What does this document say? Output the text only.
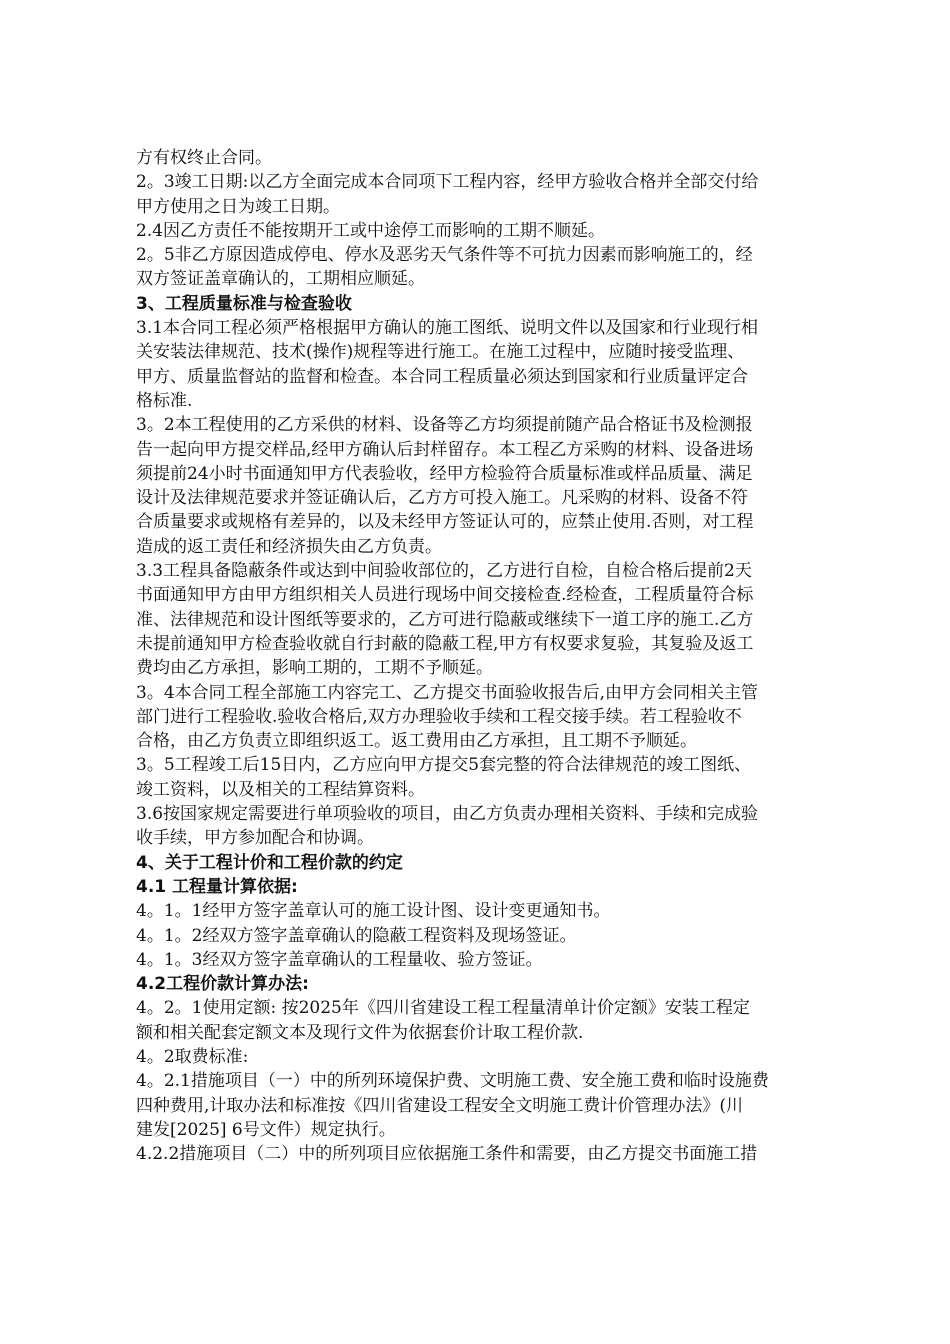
方有权终止合同。
2。3竣工日期:以乙方全面完成本合同项下工程内容，经甲方验收合格并全部交付给
甲方使用之日为竣工日期。
2.4因乙方责任不能按期开工或中途停工而影响的工期不顺延。
2。5非乙方原因造成停电、停水及恶劣天气条件等不可抗力因素而影响施工的，经
双方签证盖章确认的，工期相应顺延。
3、工程质量标准与检查验收
3.1本合同工程必须严格根据甲方确认的施工图纸、说明文件以及国家和行业现行相
关安装法律规范、技术(操作)规程等进行施工。在施工过程中，应随时接受监理、
甲方、质量监督站的监督和检查。本合同工程质量必须达到国家和行业质量评定合
格标准.
3。2本工程使用的乙方采供的材料、设备等乙方均须提前随产品合格证书及检测报
告一起向甲方提交样品,经甲方确认后封样留存。本工程乙方采购的材料、设备进场
须提前24小时书面通知甲方代表验收，经甲方检验符合质量标准或样品质量、满足
设计及法律规范要求并签证确认后，乙方方可投入施工。凡采购的材料、设备不符
合质量要求或规格有差异的，以及未经甲方签证认可的，应禁止使用.否则，对工程
造成的返工责任和经济损失由乙方负责。
3.3工程具备隐蔽条件或达到中间验收部位的，乙方进行自检，自检合格后提前2天
书面通知甲方由甲方组织相关人员进行现场中间交接检查.经检查，工程质量符合标
准、法律规范和设计图纸等要求的，乙方可进行隐蔽或继续下一道工序的施工.乙方
未提前通知甲方检查验收就自行封蔽的隐蔽工程,甲方有权要求复验，其复验及返工
费均由乙方承担，影响工期的，工期不予顺延。
3。4本合同工程全部施工内容完工、乙方提交书面验收报告后,由甲方会同相关主管
部门进行工程验收.验收合格后,双方办理验收手续和工程交接手续。若工程验收不
合格，由乙方负责立即组织返工。返工费用由乙方承担，且工期不予顺延。
3。5工程竣工后15日内，乙方应向甲方提交5套完整的符合法律规范的竣工图纸、
竣工资料，以及相关的工程结算资料。
3.6按国家规定需要进行单项验收的项目，由乙方负责办理相关资料、手续和完成验
收手续，甲方参加配合和协调。
4、关于工程计价和工程价款的约定
4.1 工程量计算依据:
4。1。1经甲方签字盖章认可的施工设计图、设计变更通知书。
4。1。2经双方签字盖章确认的隐蔽工程资料及现场签证。
4。1。3经双方签字盖章确认的工程量收、验方签证。
4.2工程价款计算办法:
4。2。1使用定额: 按2025年《四川省建设工程工程量清单计价定额》安装工程定
额和相关配套定额文本及现行文件为依据套价计取工程价款.
4。2取费标准:
4。2.1措施项目（一）中的所列环境保护费、文明施工费、安全施工费和临时设施费
四种费用,计取办法和标准按《四川省建设工程安全文明施工费计价管理办法》(川
建发[2025] 6号文件）规定执行。
4.2.2措施项目（二）中的所列项目应依据施工条件和需要，由乙方提交书面施工措
